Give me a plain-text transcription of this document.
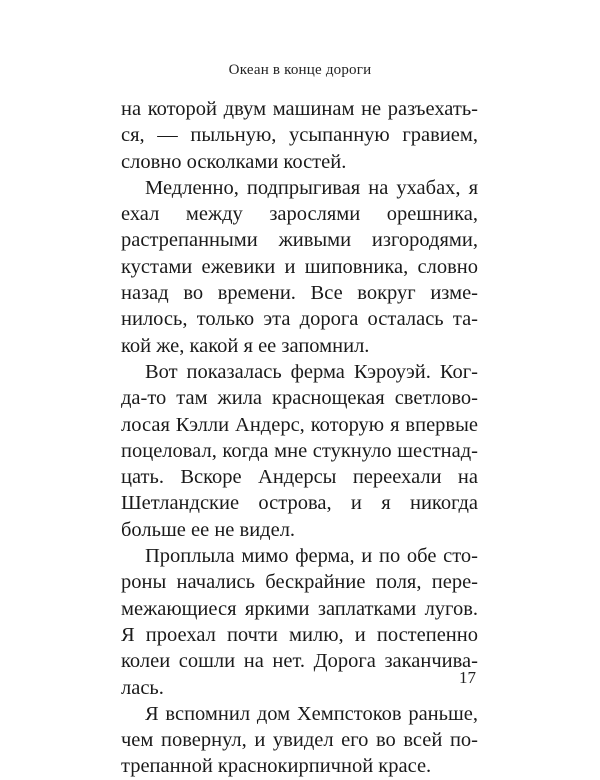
Океан в конце дороги

на которой двум машинам не разъехаться, — пыльную, усыпанную гравием, словно осколками костей.

Медленно, подпрыгивая на ухабах, я ехал между зарослями орешника, растрепанными живыми изгородями, кустами ежевики и шиповника, словно назад во времени. Все вокруг изменилось, только эта дорога осталась такой же, какой я ее запомнил.

Вот показалась ферма Кэроуэй. Когда-то там жила краснощекая светловолосая Кэлли Андерс, которую я впервые поцеловал, когда мне стукнуло шестнадцать. Вскоре Андерсы переехали на Шетландские острова, и я никогда больше ее не видел.

Проплыла мимо ферма, и по обе стороны начались бескрайние поля, перемежающиеся яркими заплатками лугов. Я проехал почти милю, и постепенно колеи сошли на нет. Дорога заканчивалась.

Я вспомнил дом Хемпстоков раньше, чем повернул, и увидел его во всей потрепанной краснокирпичной красе.

17
